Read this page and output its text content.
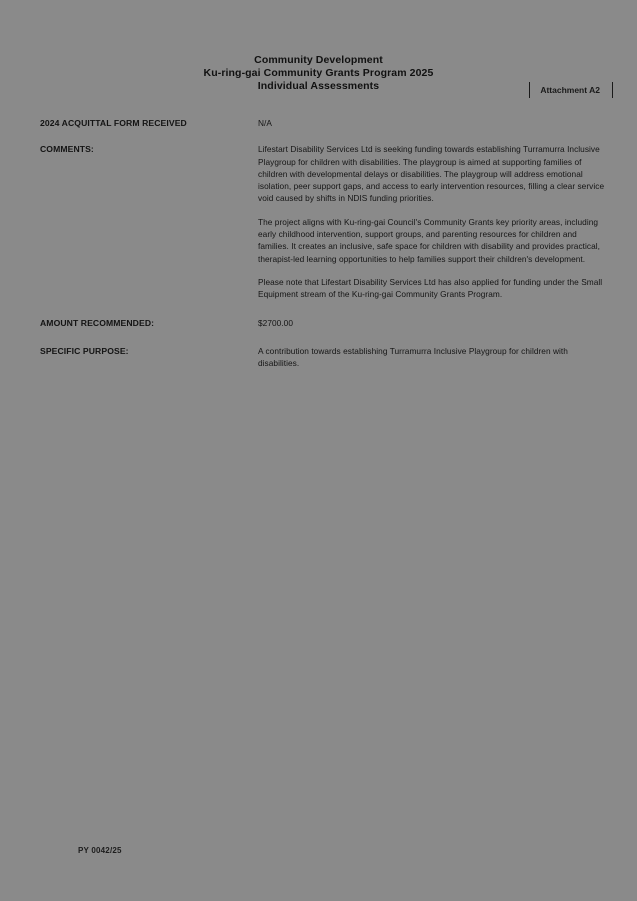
Community Development
Ku-ring-gai Community Grants Program 2025
Individual Assessments	Attachment A2
2024 ACQUITTAL FORM RECEIVED	N/A

COMMENTS:	Lifestart Disability Services Ltd is seeking funding towards establishing Turramurra Inclusive Playgroup for children with disabilities. The playgroup is aimed at supporting families of children with developmental delays or disabilities. The playgroup will address emotional isolation, peer support gaps, and access to early intervention resources, filling a clear service void caused by shifts in NDIS funding priorities.

The project aligns with Ku-ring-gai Council's Community Grants key priority areas, including early childhood intervention, support groups, and parenting resources for children and families. It creates an inclusive, safe space for children with disability and provides practical, therapist-led learning opportunities to help families support their children's development.

Please note that Lifestart Disability Services Ltd has also applied for funding under the Small Equipment stream of the Ku-ring-gai Community Grants Program.

AMOUNT RECOMMENDED:	$2700.00

SPECIFIC PURPOSE:	A contribution towards establishing Turramurra Inclusive Playgroup for children with disabilities.

PY 0042/25
